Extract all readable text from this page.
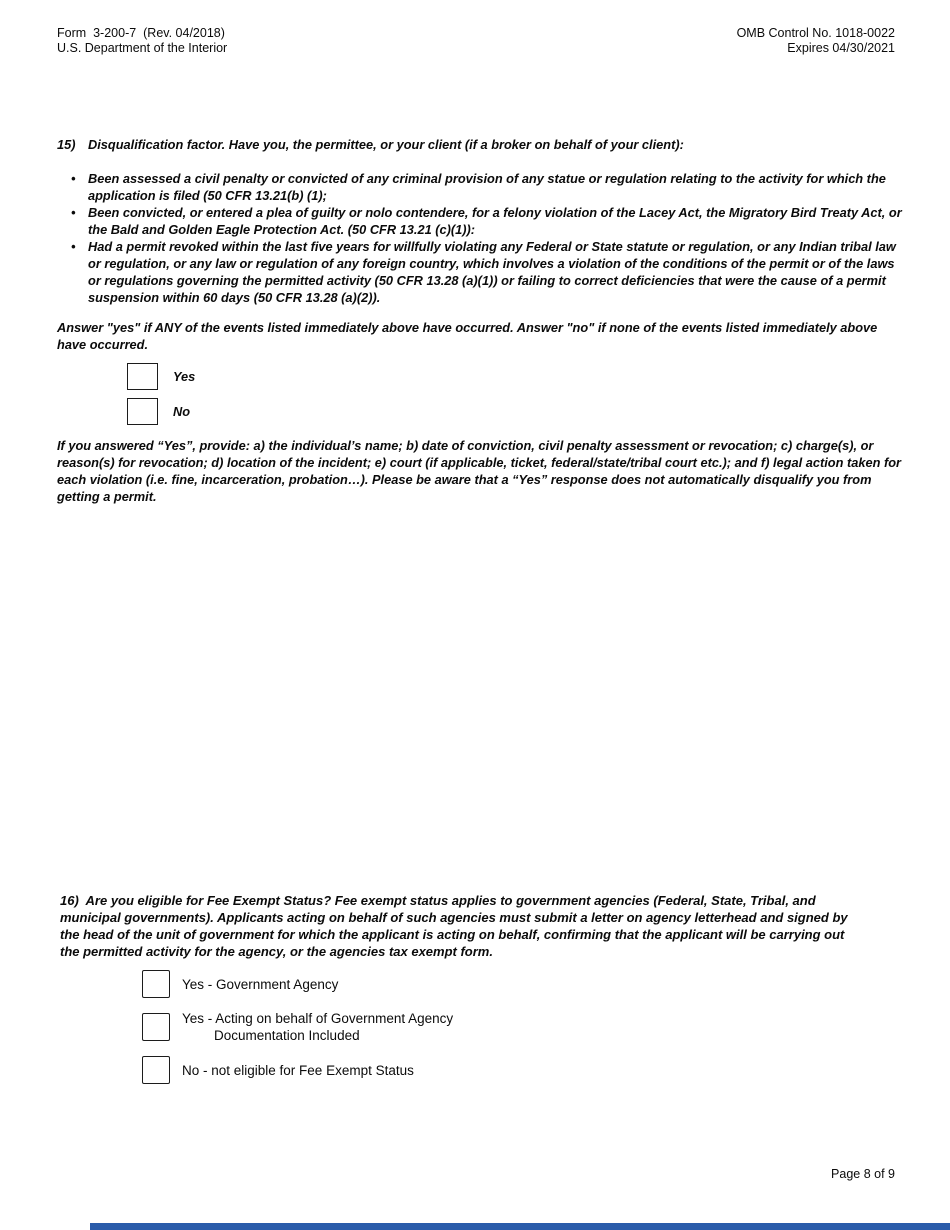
Form  3-200-7  (Rev. 04/2018)
U.S. Department of the Interior
OMB Control No. 1018-0022
Expires 04/30/2021
15) Disqualification factor. Have you, the permittee, or your client (if a broker on behalf of your client):
• Been assessed a civil penalty or convicted of any criminal provision of any statue or regulation relating to the activity for which the application is filed (50 CFR 13.21(b) (1);
• Been convicted, or entered a plea of guilty or nolo contendere, for a felony violation of the Lacey Act, the Migratory Bird Treaty Act, or the Bald and Golden Eagle Protection Act. (50 CFR 13.21 (c)(1)):
• Had a permit revoked within the last five years for willfully violating any Federal or State statute or regulation, or any Indian tribal law or regulation, or any law or regulation of any foreign country, which involves a violation of the conditions of the permit or of the laws or regulations governing the permitted activity (50 CFR 13.28 (a)(1)) or failing to correct deficiencies that were the cause of a permit suspension within 60 days (50 CFR 13.28 (a)(2)).
Answer "yes" if ANY of the events listed immediately above have occurred. Answer "no" if none of the events listed immediately above have occurred.
Yes
No
If you answered “Yes”, provide: a) the individual’s name; b) date of conviction, civil penalty assessment or revocation; c) charge(s), or reason(s) for revocation; d) location of the incident; e) court (if applicable, ticket, federal/state/tribal court etc.); and f) legal action taken for each violation (i.e. fine, incarceration, probation…). Please be aware that a “Yes” response does not automatically disqualify you from getting a permit.
16)  Are you eligible for Fee Exempt Status? Fee exempt status applies to government agencies (Federal, State, Tribal, and municipal governments). Applicants acting on behalf of such agencies must submit a letter on agency letterhead and signed by the head of the unit of government for which the applicant is acting on behalf, confirming that the applicant will be carrying out the permitted activity for the agency, or the agencies tax exempt form.
Yes - Government Agency
Yes - Acting on behalf of Government Agency
Documentation Included
No - not eligible for Fee Exempt Status
Page 8 of 9
